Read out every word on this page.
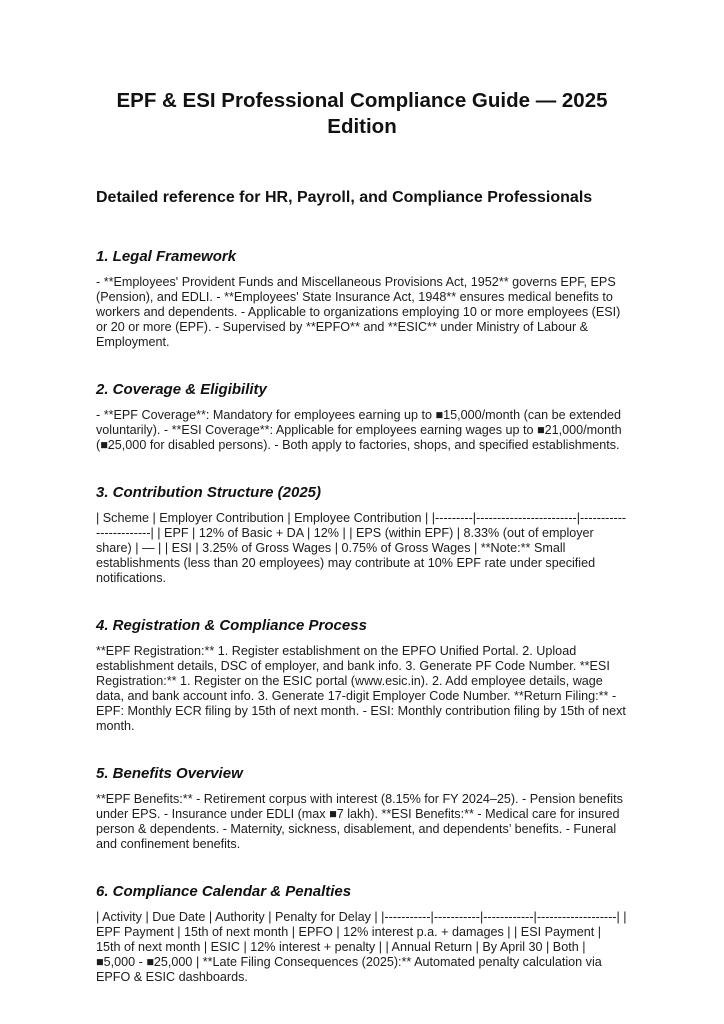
EPF & ESI Professional Compliance Guide — 2025 Edition
Detailed reference for HR, Payroll, and Compliance Professionals
1. Legal Framework

- **Employees' Provident Funds and Miscellaneous Provisions Act, 1952** governs EPF, EPS (Pension), and EDLI. - **Employees' State Insurance Act, 1948** ensures medical benefits to workers and dependents. - Applicable to organizations employing 10 or more employees (ESI) or 20 or more (EPF). - Supervised by **EPFO** and **ESIC** under Ministry of Labour & Employment.

2. Coverage & Eligibility

- **EPF Coverage**: Mandatory for employees earning up to ■15,000/month (can be extended voluntarily). - **ESI Coverage**: Applicable for employees earning wages up to ■21,000/month (■25,000 for disabled persons). - Both apply to factories, shops, and specified establishments.

3. Contribution Structure (2025)

| Scheme | Employer Contribution | Employee Contribution | |---------|------------------------|------------------------| | EPF | 12% of Basic + DA | 12% | | EPS (within EPF) | 8.33% (out of employer share) | — | | ESI | 3.25% of Gross Wages | 0.75% of Gross Wages | **Note:** Small establishments (less than 20 employees) may contribute at 10% EPF rate under specified notifications.

4. Registration & Compliance Process

**EPF Registration:** 1. Register establishment on the EPFO Unified Portal. 2. Upload establishment details, DSC of employer, and bank info. 3. Generate PF Code Number. **ESI Registration:** 1. Register on the ESIC portal (www.esic.in). 2. Add employee details, wage data, and bank account info. 3. Generate 17-digit Employer Code Number. **Return Filing:** - EPF: Monthly ECR filing by 15th of next month. - ESI: Monthly contribution filing by 15th of next month.

5. Benefits Overview

**EPF Benefits:** - Retirement corpus with interest (8.15% for FY 2024–25). - Pension benefits under EPS. - Insurance under EDLI (max ■7 lakh). **ESI Benefits:** - Medical care for insured person & dependents. - Maternity, sickness, disablement, and dependents’ benefits. - Funeral and confinement benefits.

6. Compliance Calendar & Penalties

| Activity | Due Date | Authority | Penalty for Delay | |-----------|-----------|------------|-------------------| | EPF Payment | 15th of next month | EPFO | 12% interest p.a. + damages | | ESI Payment | 15th of next month | ESIC | 12% interest + penalty | | Annual Return | By April 30 | Both | ■5,000 - ■25,000 | **Late Filing Consequences (2025):** Automated penalty calculation via EPFO & ESIC dashboards.
